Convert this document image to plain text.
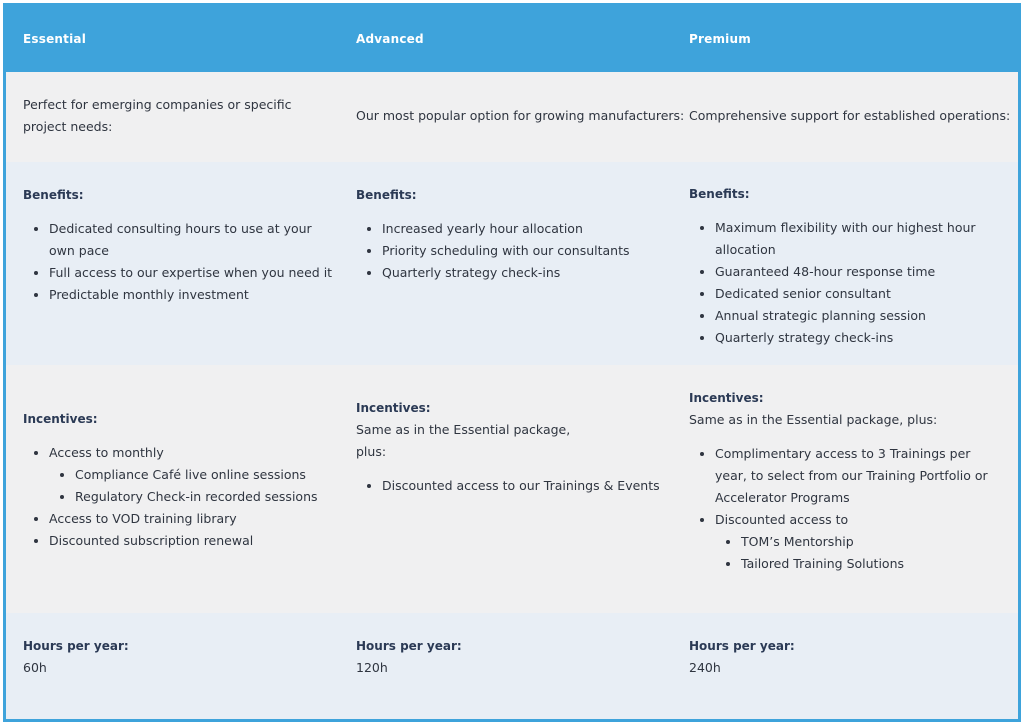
Essential	Advanced	Premium
Perfect for emerging companies or specific project needs:
Our most popular option for growing manufacturers: Comprehensive support for established operations:
Benefits:
Dedicated consulting hours to use at your own pace
Full access to our expertise when you need it
Predictable monthly investment
Benefits:
Increased yearly hour allocation
Priority scheduling with our consultants
Quarterly strategy check-ins
Benefits:
Maximum flexibility with our highest hour allocation
Guaranteed 48-hour response time
Dedicated senior consultant
Annual strategic planning session
Quarterly strategy check-ins
Incentives:
Access to monthly
Compliance Café live online sessions
Regulatory Check-in recorded sessions
Access to VOD training library
Discounted subscription renewal
Incentives:
Same as in the Essential package,
plus:
Discounted access to our Trainings & Events
Incentives:
Same as in the Essential package, plus:
Complimentary access to 3 Trainings per year, to select from our Training Portfolio or Accelerator Programs
Discounted access to
TOM’s Mentorship
Tailored Training Solutions
Hours per year:
60h
Hours per year:
120h
Hours per year:
240h
